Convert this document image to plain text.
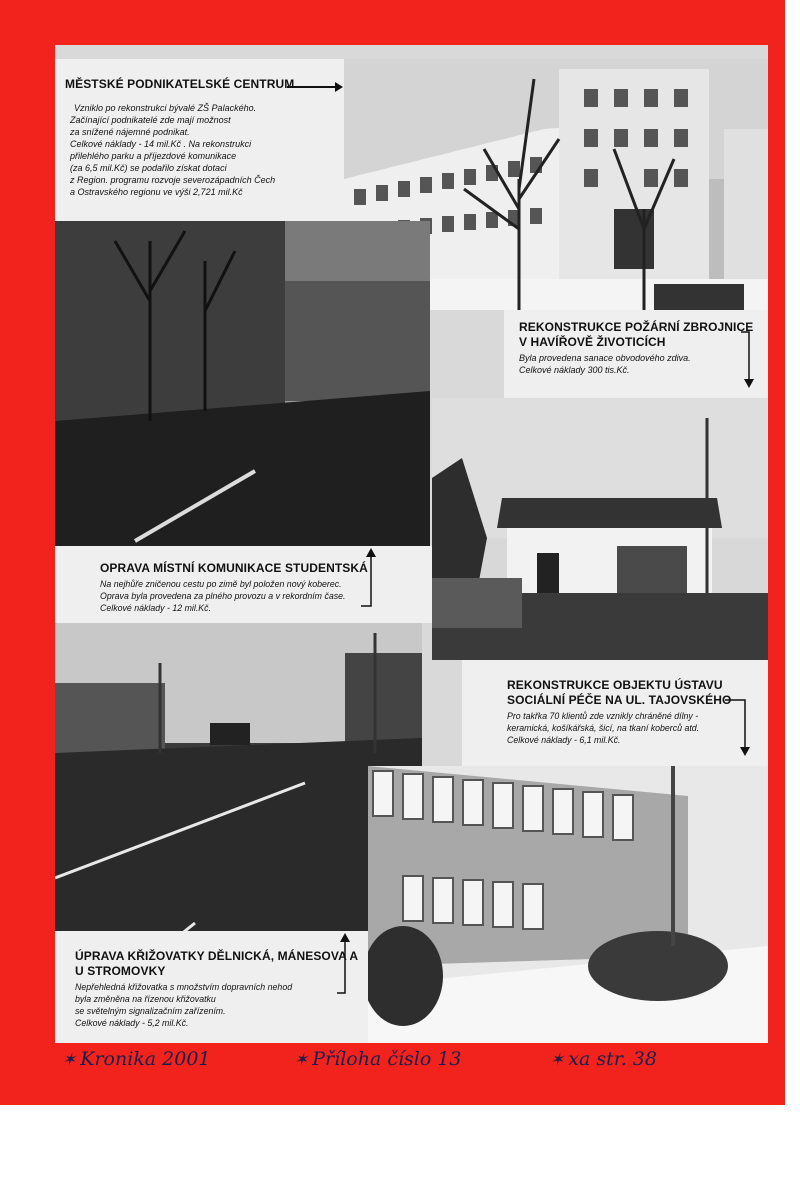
MĚSTSKÉ PODNIKATELSKÉ CENTRUM

Vzniklo po rekonstrukci bývalé ZŠ Palackého.
Začínající podnikatelé zde mají možnost
za snížené nájemné podnikat.
Celkové náklady - 14 mil.Kč . Na rekonstrukci
přilehlého parku a příjezdové komunikace
(za 6,5 mil.Kč) se podařilo získat dotaci
z Region. programu rozvoje severozápadních Čech
a Ostravského regionu ve výši 2,721 mil.Kč

REKONSTRUKCE POŽÁRNÍ ZBROJNICE
V HAVÍŘOVĚ ŽIVOTICÍCH

Byla provedena sanace obvodového zdiva.
Celkové náklady 300 tis.Kč.

OPRAVA MÍSTNÍ KOMUNIKACE STUDENTSKÁ

Na nejhůře zničenou cestu po zimě byl položen nový koberec.
Oprava byla provedena za plného provozu a v rekordním čase.
Celkové náklady - 12 mil.Kč.

REKONSTRUKCE OBJEKTU ÚSTAVU
SOCIÁLNÍ PÉČE NA UL. TAJOVSKÉHO

Pro takřka 70 klientů zde vznikly chráněné dílny -
keramická, košíkářská, šicí, na tkaní koberců atd.
Celkové náklady - 6,1 mil.Kč.

ÚPRAVA KŘIŽOVATKY DĚLNICKÁ, MÁNESOVA A
U STROMOVKY

Nepřehledná křižovatka s množstvím dopravních nehod
byla změněna na řízenou křižovatku
se světelným signalizačním zařízením.
Celkové náklady - 5,2 mil.Kč.

✶ Kronika 2001	✶ Příloha číslo 13	✶ xa str. 38
